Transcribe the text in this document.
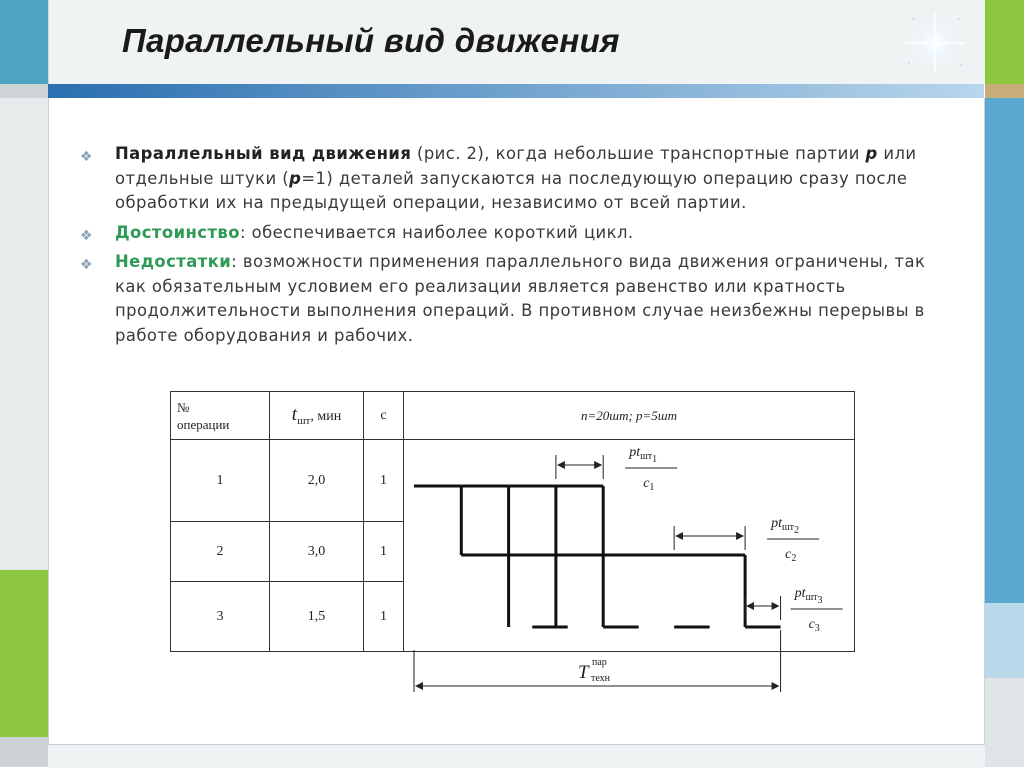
Параллельный вид движения
❖ Параллельный вид движения (рис. 2), когда небольшие транспортные партии p или отдельные штуки (p=1) деталей запускаются на последующую операцию сразу после обработки их на предыдущей операции, независимо от всей партии.
❖ Достоинство: обеспечивается наиболее короткий цикл.
❖ Недостатки: возможности применения параллельного вида движения ограничены, так как обязательным условием его реализации является равенство или кратность продолжительности выполнения операций. В противном случае неизбежны перерывы в работе оборудования и рабочих.
№
операции	$t_{шт}$, мин	c	n=20шт; p=5шт
1	2,0	1	
2	3,0	1	
3	1,5	1	
$pt_{шт1}$
$c_1$
$pt_{шт2}$
$c_2$
$pt_{шт3}$
$c_3$
T пар
техн
